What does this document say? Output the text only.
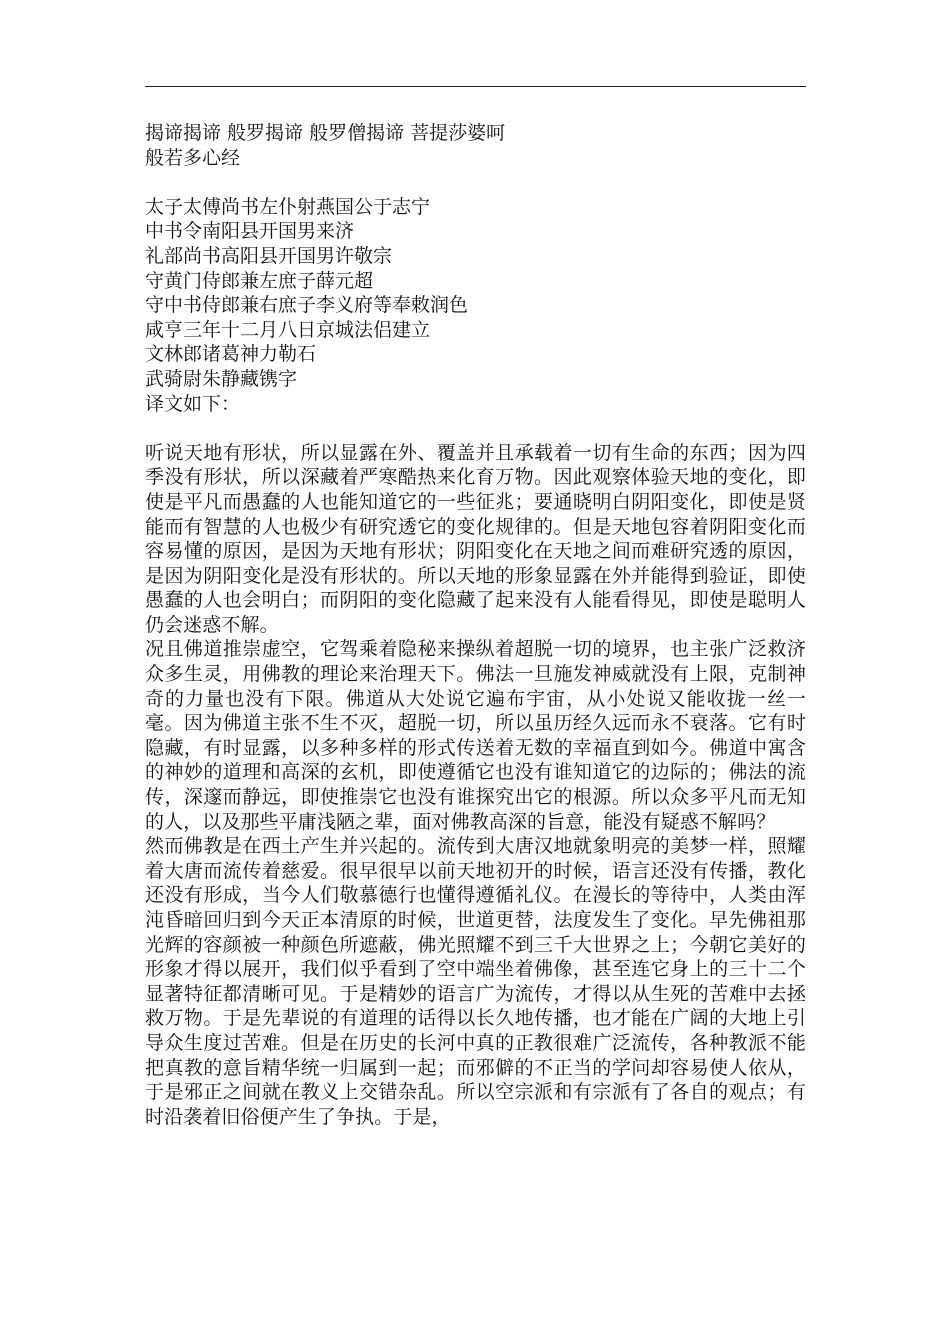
揭谛揭谛 般罗揭谛 般罗僧揭谛 菩提莎婆呵
般若多心经
太子太傅尚书左仆射燕国公于志宁
中书令南阳县开国男来济
礼部尚书高阳县开国男许敬宗
守黄门侍郎兼左庶子薛元超
守中书侍郎兼右庶子李义府等奉敕润色
咸亨三年十二月八日京城法侣建立
文林郎诸葛神力勒石
武骑尉朱静藏镌字
译文如下：
听说天地有形状，所以显露在外、覆盖并且承载着一切有生命的东西；因为四季没有形状，所以深藏着严寒酷热来化育万物。因此观察体验天地的变化，即使是平凡而愚蠢的人也能知道它的一些征兆；要通晓明白阴阳变化，即使是贤能而有智慧的人也极少有研究透它的变化规律的。但是天地包容着阴阳变化而容易懂的原因，是因为天地有形状；阴阳变化在天地之间而难研究透的原因，是因为阴阳变化是没有形状的。所以天地的形象显露在外并能得到验证，即使愚蠢的人也会明白；而阴阳的变化隐藏了起来没有人能看得见，即使是聪明人仍会迷惑不解。
况且佛道推崇虚空，它驾乘着隐秘来操纵着超脱一切的境界，也主张广泛救济众多生灵，用佛教的理论来治理天下。佛法一旦施发神威就没有上限，克制神奇的力量也没有下限。佛道从大处说它遍布宇宙，从小处说又能收拢一丝一毫。因为佛道主张不生不灭，超脱一切，所以虽历经久远而永不衰落。它有时隐藏，有时显露，以多种多样的形式传送着无数的幸福直到如今。佛道中寓含的神妙的道理和高深的玄机，即使遵循它也没有谁知道它的边际的；佛法的流传，深邃而静远，即使推崇它也没有谁探究出它的根源。所以众多平凡而无知的人，以及那些平庸浅陋之辈，面对佛教高深的旨意，能没有疑惑不解吗？
然而佛教是在西土产生并兴起的。流传到大唐汉地就象明亮的美梦一样，照耀着大唐而流传着慈爱。很早很早以前天地初开的时候，语言还没有传播，教化还没有形成，当今人们敬慕德行也懂得遵循礼仪。在漫长的等待中，人类由浑沌昏暗回归到今天正本清原的时候，世道更替，法度发生了变化。早先佛祖那光辉的容颜被一种颜色所遮蔽，佛光照耀不到三千大世界之上；今朝它美好的形象才得以展开，我们似乎看到了空中端坐着佛像，甚至连它身上的三十二个显著特征都清晰可见。于是精妙的语言广为流传，才得以从生死的苦难中去拯救万物。于是先辈说的有道理的话得以长久地传播，也才能在广阔的大地上引导众生度过苦难。但是在历史的长河中真的正教很难广泛流传，各种教派不能把真教的意旨精华统一归属到一起；而邪僻的不正当的学问却容易使人依从，于是邪正之间就在教义上交错杂乱。所以空宗派和有宗派有了各自的观点；有时沿袭着旧俗便产生了争执。于是，
